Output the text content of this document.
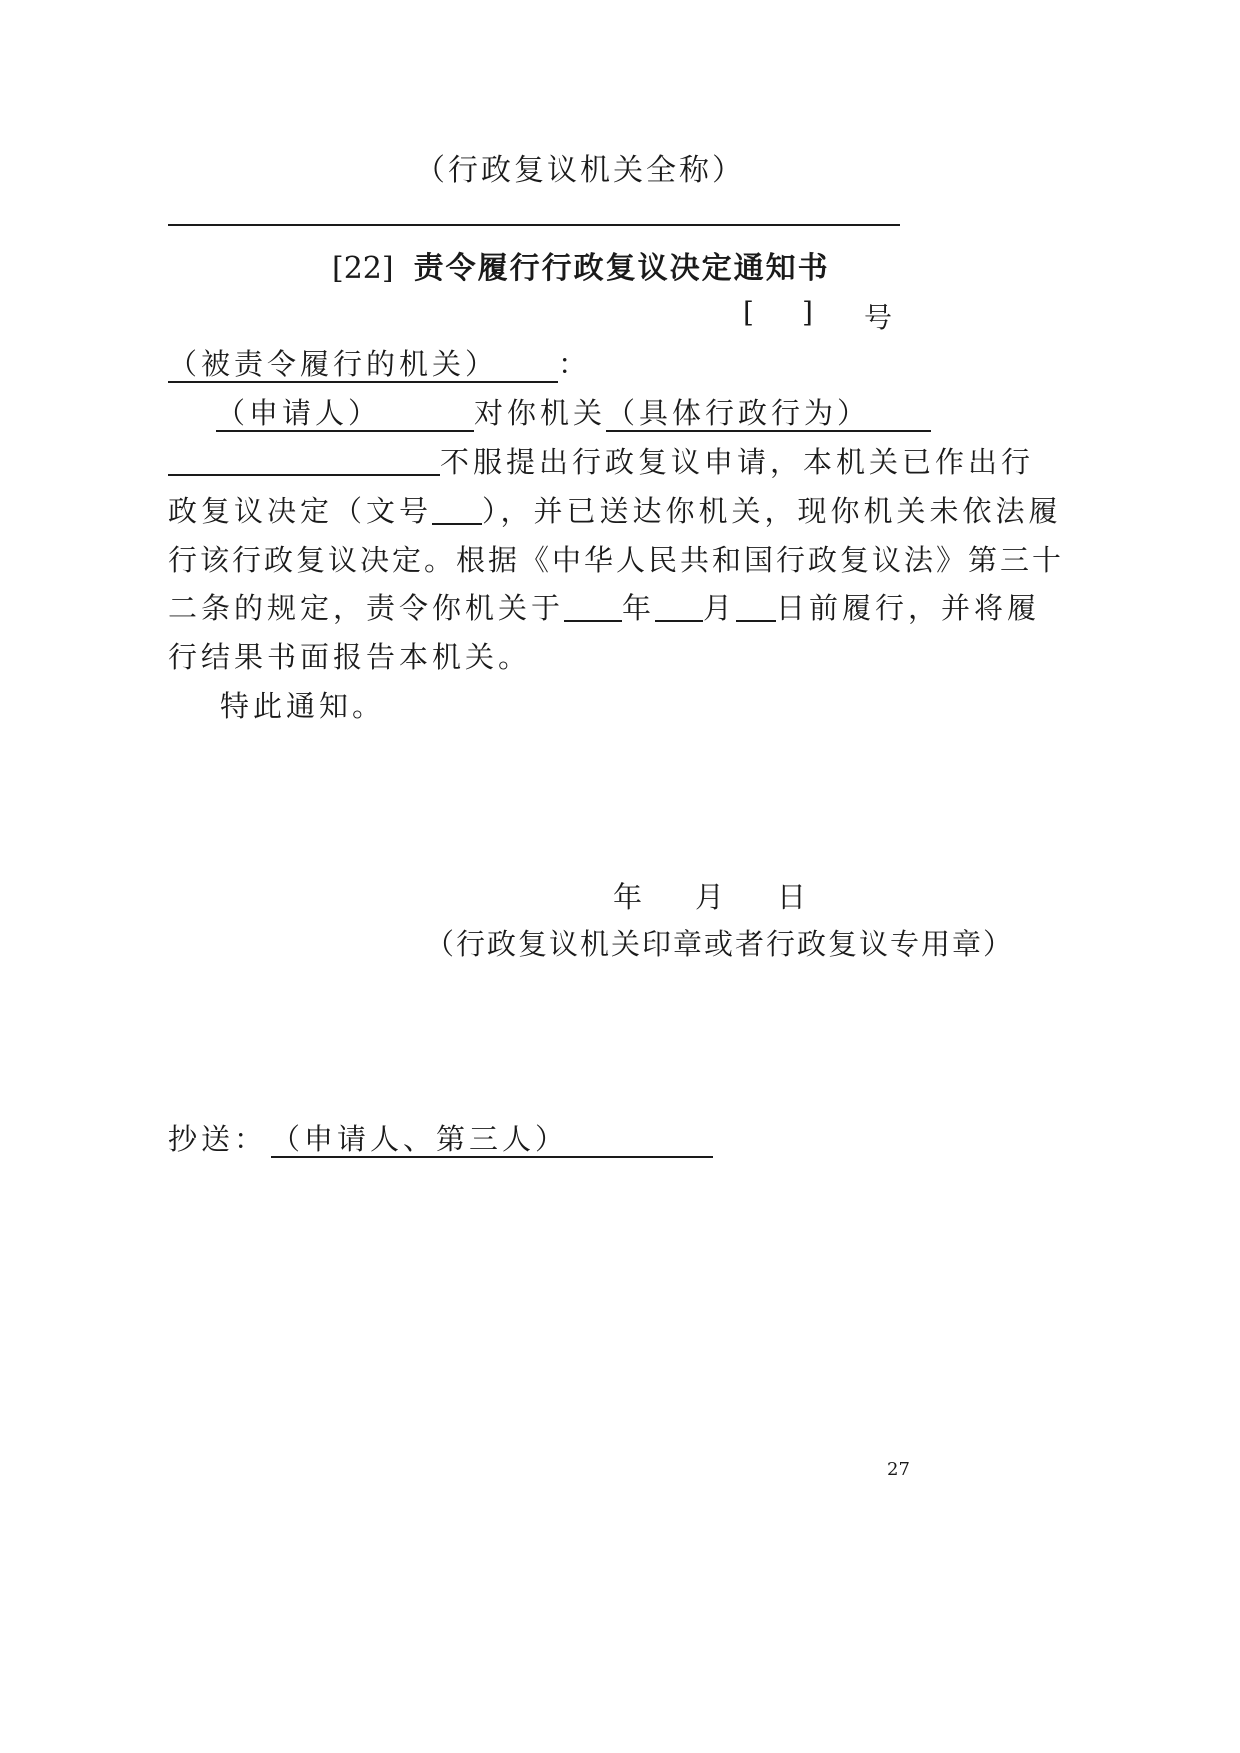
（行政复议机关全称）
[22] 责令履行行政复议决定通知书
[ ] 号
（被责令履行的机关） ：
（申请人）	对你机关（具体行政行为）
不服提出行政复议申请，本机关已作出行
政复议决定（文号 ），并已送达你机关，现你机关未依法履
行该行政复议决定。根据《中华人民共和国行政复议法》第三十
二条的规定，责令你机关于 年 月 日前履行，并将履
行结果书面报告本机关。
特此通知。
年　月　日
（行政复议机关印章或者行政复议专用章）
抄送： （申请人、第三人）
27
